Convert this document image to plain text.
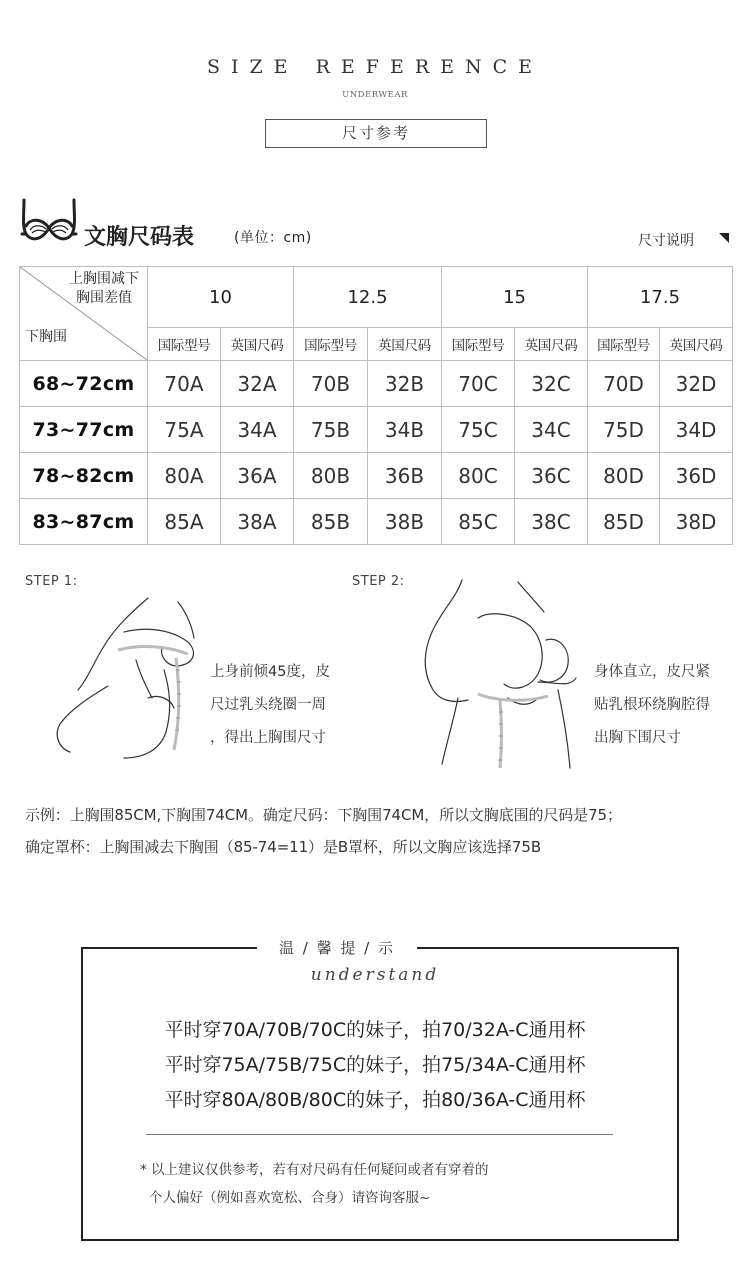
SIZE REFERENCE
UNDERWEAR
尺寸参考
文胸尺码表	(单位：cm)	尺寸说明
上胸围减下
胸围差值
下胸围	10		12.5		15		17.5	
	国际型号	英国尺码	国际型号	英国尺码	国际型号	英国尺码	国际型号	英国尺码
68~72cm	70A	32A	70B	32B	70C	32C	70D	32D
73~77cm	75A	34A	75B	34B	75C	34C	75D	34D
78~82cm	80A	36A	80B	36B	80C	36C	80D	36D
83~87cm	85A	38A	85B	38B	85C	38C	85D	38D
STEP 1:	STEP 2:
上身前倾45度，皮
尺过乳头绕圈一周
，得出上胸围尺寸
身体直立，皮尺紧
贴乳根环绕胸腔得
出胸下围尺寸
示例：上胸围85CM,下胸围74CM。确定尺码：下胸围74CM，所以文胸底围的尺码是75；
确定罩杯：上胸围减去下胸围（85-74=11）是B罩杯，所以文胸应该选择75B
温 / 馨 提 / 示
understand
平时穿70A/70B/70C的妹子，拍70/32A-C通用杯
平时穿75A/75B/75C的妹子，拍75/34A-C通用杯
平时穿80A/80B/80C的妹子，拍80/36A-C通用杯
* 以上建议仅供参考，若有对尺码有任何疑问或者有穿着的
个人偏好（例如喜欢宽松、合身）请咨询客服~
